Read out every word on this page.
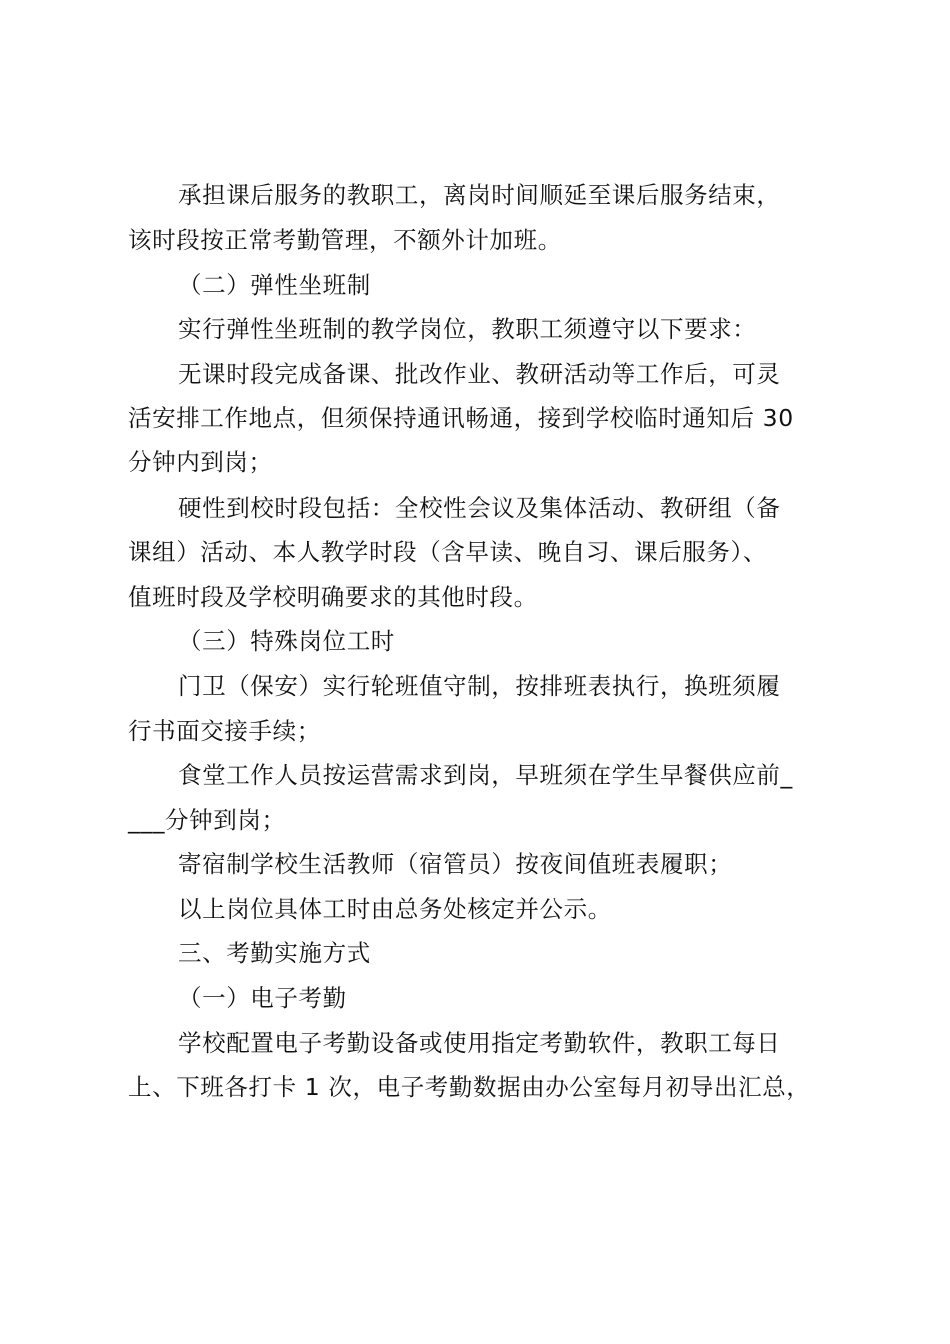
承担课后服务的教职工，离岗时间顺延至课后服务结束，
该时段按正常考勤管理，不额外计加班。
（二）弹性坐班制
实行弹性坐班制的教学岗位，教职工须遵守以下要求：
无课时段完成备课、批改作业、教研活动等工作后，可灵
活安排工作地点，但须保持通讯畅通，接到学校临时通知后 30
分钟内到岗；
硬性到校时段包括：全校性会议及集体活动、教研组（备
课组）活动、本人教学时段（含早读、晚自习、课后服务）、
值班时段及学校明确要求的其他时段。
（三）特殊岗位工时
门卫（保安）实行轮班值守制，按排班表执行，换班须履
行书面交接手续；
食堂工作人员按运营需求到岗，早班须在学生早餐供应前_
___分钟到岗；
寄宿制学校生活教师（宿管员）按夜间值班表履职；
以上岗位具体工时由总务处核定并公示。
三、考勤实施方式
（一）电子考勤
学校配置电子考勤设备或使用指定考勤软件，教职工每日
上、下班各打卡 1 次，电子考勤数据由办公室每月初导出汇总，
